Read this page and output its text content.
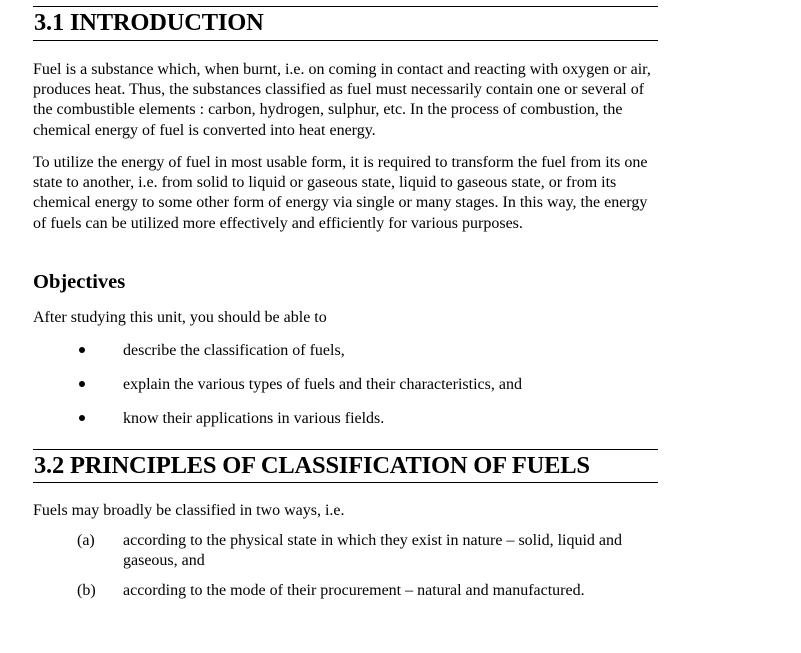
3.1 INTRODUCTION

Fuel is a substance which, when burnt, i.e. on coming in contact and reacting with oxygen or air, produces heat. Thus, the substances classified as fuel must necessarily contain one or several of the combustible elements : carbon, hydrogen, sulphur, etc. In the process of combustion, the chemical energy of fuel is converted into heat energy.

To utilize the energy of fuel in most usable form, it is required to transform the fuel from its one state to another, i.e. from solid to liquid or gaseous state, liquid to gaseous state, or from its chemical energy to some other form of energy via single or many stages. In this way, the energy of fuels can be utilized more effectively and efficiently for various purposes.

Objectives

After studying this unit, you should be able to

describe the classification of fuels,
explain the various types of fuels and their characteristics, and
know their applications in various fields.
3.2 PRINCIPLES OF CLASSIFICATION OF FUELS

Fuels may broadly be classified in two ways, i.e.

(a) according to the physical state in which they exist in nature – solid, liquid and gaseous, and
(b) according to the mode of their procurement – natural and manufactured.
